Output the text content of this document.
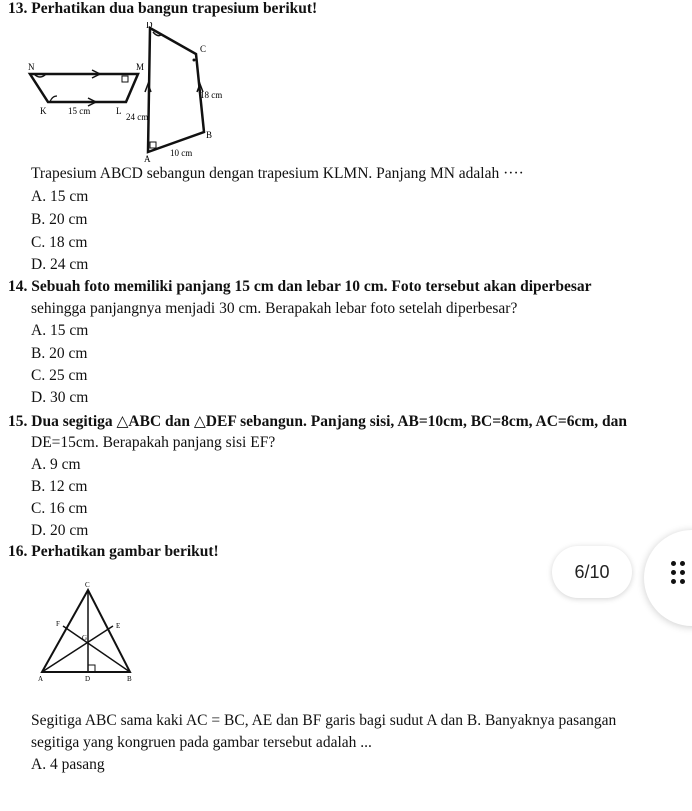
13. Perhatikan dua bangun trapesium berikut!
N	M
K	L
15 cm
D
C
B
A
18 cm
24 cm
10 cm
Trapesium ABCD sebangun dengan trapesium KLMN. Panjang MN adalah ····
A. 15 cm
B. 20 cm
C. 18 cm
D. 24 cm
14. Sebuah foto memiliki panjang 15 cm dan lebar 10 cm. Foto tersebut akan diperbesar
sehingga panjangnya menjadi 30 cm. Berapakah lebar foto setelah diperbesar?
A. 15 cm
B. 20 cm
C. 25 cm
D. 30 cm
15. Dua segitiga △ABC dan △DEF sebangun. Panjang sisi, AB=10cm, BC=8cm, AC=6cm, dan
DE=15cm. Berapakah panjang sisi EF?
A. 9 cm
B. 12 cm
C. 16 cm
D. 20 cm
16. Perhatikan gambar berikut!
C
F	E
G
A	D	B
Segitiga ABC sama kaki AC = BC, AE dan BF garis bagi sudut A dan B. Banyaknya pasangan
segitiga yang kongruen pada gambar tersebut adalah ...
A. 4 pasang
6/10
